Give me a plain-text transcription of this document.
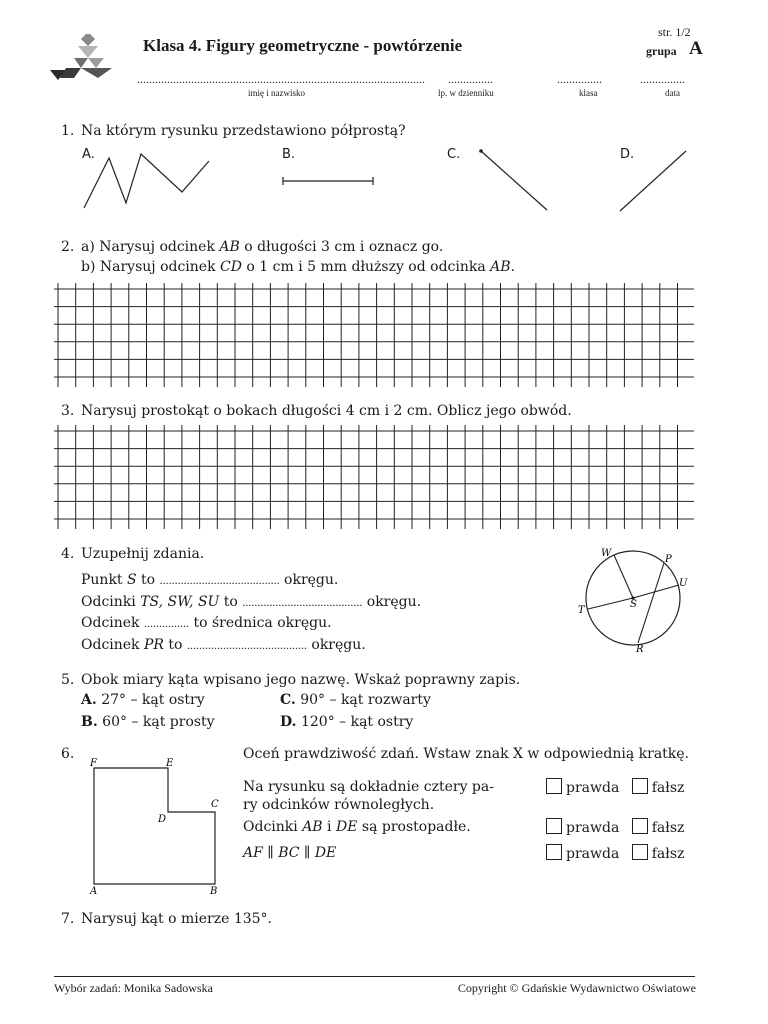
Klasa 4. Figury geometryczne - powtórzenie
str. 1/2
grupa A
................................................................................................
imię i nazwisko
...............
lp. w dzienniku
...............
klasa
...............
data
1. Na którym rysunku przedstawiono półprostą?
A.	B.	C.	D.
2. a) Narysuj odcinek AB o długości 3 cm i oznacz go.
b) Narysuj odcinek CD o 1 cm i 5 mm dłuższy od odcinka AB.
3. Narysuj prostokąt o bokach długości 4 cm i 2 cm. Oblicz jego obwód.
4. Uzupełnij zdania.
Punkt S to ........................................ okręgu.
Odcinki TS, SW, SU to ........................................ okręgu.
Odcinek ............... to średnica okręgu.
Odcinek PR to ........................................ okręgu.
W
P
U
T
S
R
5. Obok miary kąta wpisano jego nazwę. Wskaż poprawny zapis.
A. 27° – kąt ostry	C. 90° – kąt rozwarty
B. 60° – kąt prosty	D. 120° – kąt ostry
6.	Oceń prawdziwość zdań. Wstaw znak X w odpowiednią kratkę.
F	E
C
D
A	B
Na rysunku są dokładnie cztery pa-
ry odcinków równoległych.
Odcinki AB i DE są prostopadłe.
AF ∥ BC ∥ DE
prawda fałsz
prawda fałsz
prawda fałsz
7. Narysuj kąt o mierze 135°.
Wybór zadań: Monika Sadowska	Copyright © Gdańskie Wydawnictwo Oświatowe
